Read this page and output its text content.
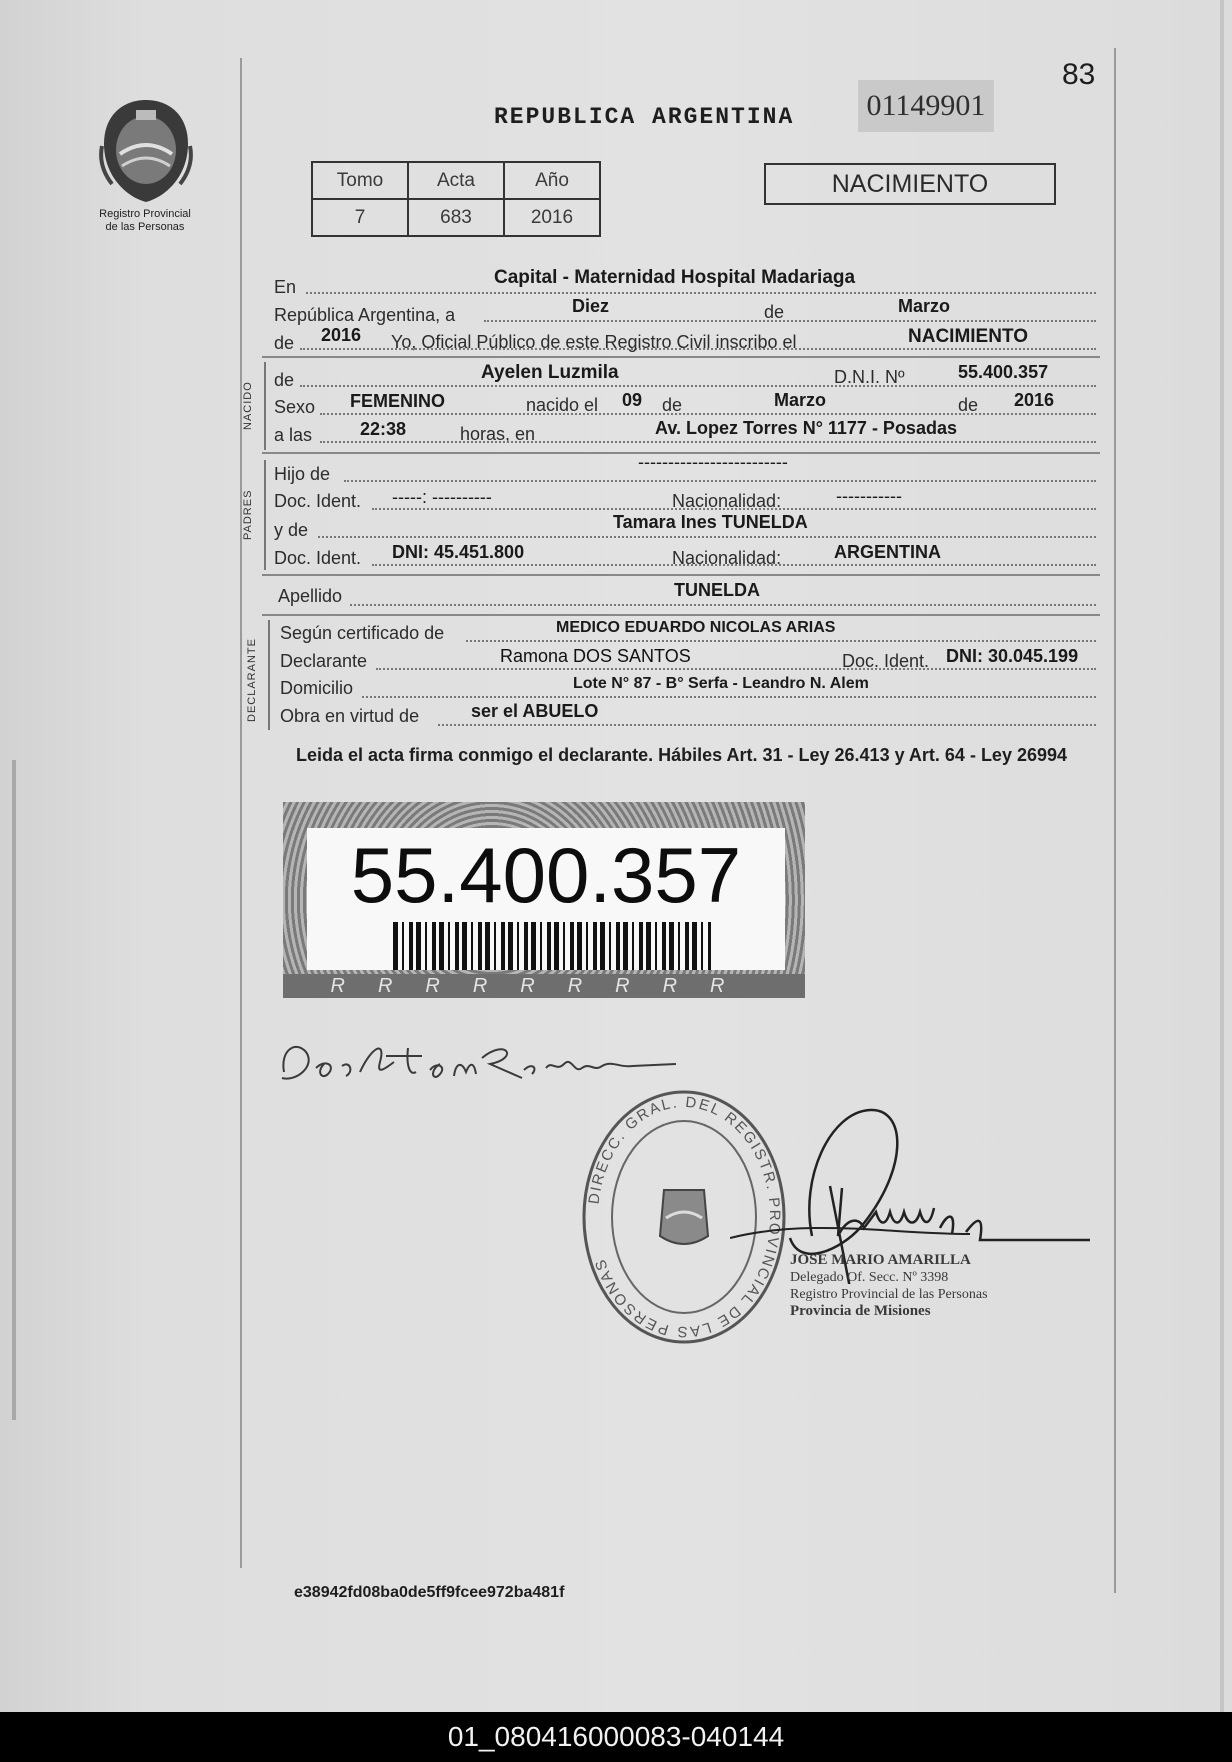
Registro Provincial
de las Personas
83
REPUBLICA ARGENTINA 01149901
Tomo	Acta	Año
7	683	2016
NACIMIENTO
En	Capital - Maternidad Hospital Madariaga
República Argentina, a	Diez	de	Marzo
de 2016 Yo, Oficial Público de este Registro Civil inscribo el	NACIMIENTO
NACIDO
de	Ayelen Luzmila	D.N.I. Nº	55.400.357
Sexo FEMENINO	nacido el 09 de	Marzo	de 2016
a las	22:38	horas, en	Av. Lopez Torres N° 1177 - Posadas
PADRES
Hijo de
-------------------------
Doc. Ident. -----: ----------	Nacionalidad:	-----------
y de	Tamara Ines TUNELDA
Doc. Ident. DNI: 45.451.800	Nacionalidad:	ARGENTINA
Apellido	TUNELDA
DECLARANTE
Según certificado de	MEDICO EDUARDO NICOLAS ARIAS
Declarante	Ramona DOS SANTOS	Doc. Ident. DNI: 30.045.199
Domicilio	Lote N° 87 - B° Serfa - Leandro N. Alem
Obra en virtud de	ser el ABUELO
Leida el acta firma conmigo el declarante. Hábiles Art. 31 - Ley 26.413 y Art. 64 - Ley 26994
55.400.357
RRRRRRRRR
DIRECC. GRAL. DEL REGISTR. PROVINCIAL DE LAS PERSONAS	JOSE MARIO AMARILLA
Delegado Of. Secc. Nº 3398
Registro Provincial de las Personas
Provincia de Misiones
e38942fd08ba0de5ff9fcee972ba481f
01_080416000083-040144
